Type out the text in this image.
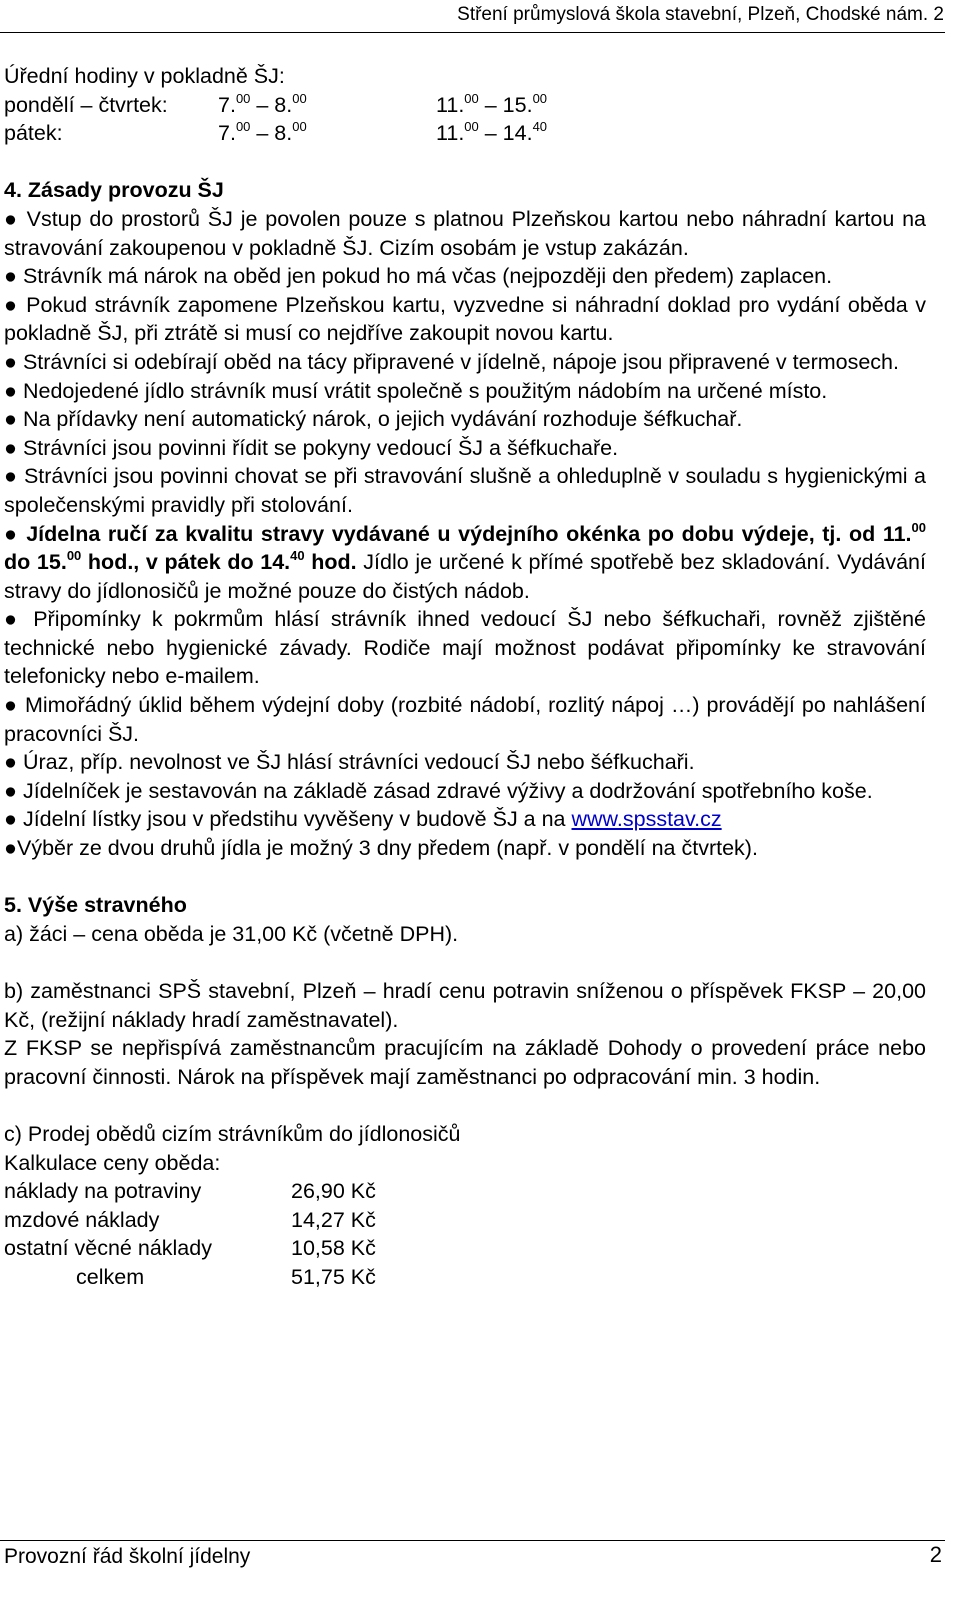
Stření průmyslová škola stavební, Plzeň, Chodské nám. 2

Úřední hodiny v pokladně ŠJ:

pondělí – čtvrtek: 7.00 – 8.00	11.00 – 15.00
pátek:	7.00 – 8.00	11.00 – 14.40

4. Zásady provozu ŠJ

● Vstup do prostorů ŠJ je povolen pouze s platnou Plzeňskou kartou nebo náhradní kartou na stravování zakoupenou v pokladně ŠJ. Cizím osobám je vstup zakázán.

● Strávník má nárok na oběd jen pokud ho má včas (nejpozději den předem) zaplacen.

● Pokud strávník zapomene Plzeňskou kartu, vyzvedne si náhradní doklad pro vydání oběda v pokladně ŠJ, při ztrátě si musí co nejdříve zakoupit novou kartu.

● Strávníci si odebírají oběd na tácy připravené v jídelně, nápoje jsou připravené v termosech.

● Nedojedené jídlo strávník musí vrátit společně s použitým nádobím na určené místo.

● Na přídavky není automatický nárok, o jejich vydávání rozhoduje šéfkuchař.

● Strávníci jsou povinni řídit se pokyny vedoucí ŠJ a šéfkuchaře.

● Strávníci jsou povinni chovat se při stravování slušně a ohleduplně v souladu s hygienickými a společenskými pravidly při stolování.

● Jídelna ručí za kvalitu stravy vydávané u výdejního okénka po dobu výdeje, tj. od 11.00 do 15.00 hod., v pátek do 14.40 hod. Jídlo je určené k přímé spotřebě bez skladování. Vydávání stravy do jídlonosičů je možné pouze do čistých nádob.

● Připomínky k pokrmům hlásí strávník ihned vedoucí ŠJ nebo šéfkuchaři, rovněž zjištěné technické nebo hygienické závady. Rodiče mají možnost podávat připomínky ke stravování telefonicky nebo e-mailem.

● Mimořádný úklid během výdejní doby (rozbité nádobí, rozlitý nápoj …) provádějí po nahlášení pracovníci ŠJ.

● Úraz, příp. nevolnost ve ŠJ hlásí strávníci vedoucí ŠJ nebo šéfkuchaři.

● Jídelníček je sestavován na základě zásad zdravé výživy a dodržování spotřebního koše.

● Jídelní lístky jsou v předstihu vyvěšeny v budově ŠJ a na www.spsstav.cz

●Výběr ze dvou druhů jídla je možný 3 dny předem (např. v pondělí na čtvrtek).

5. Výše stravného

a) žáci – cena oběda je 31,00 Kč (včetně DPH).

b) zaměstnanci SPŠ stavební, Plzeň – hradí cenu potravin sníženou o příspěvek FKSP – 20,00 Kč, (režijní náklady hradí zaměstnavatel).

Z FKSP se nepřispívá zaměstnancům pracujícím na základě Dohody o provedení práce nebo pracovní činnosti. Nárok na příspěvek mají zaměstnanci po odpracování min. 3 hodin.

c) Prodej obědů cizím strávníkům do jídlonosičů

Kalkulace ceny oběda:

náklady na potraviny	26,90 Kč
mzdové náklady	14,27 Kč
ostatní věcné náklady	10,58 Kč
celkem	51,75 Kč
Provozní řád školní jídelny	2
